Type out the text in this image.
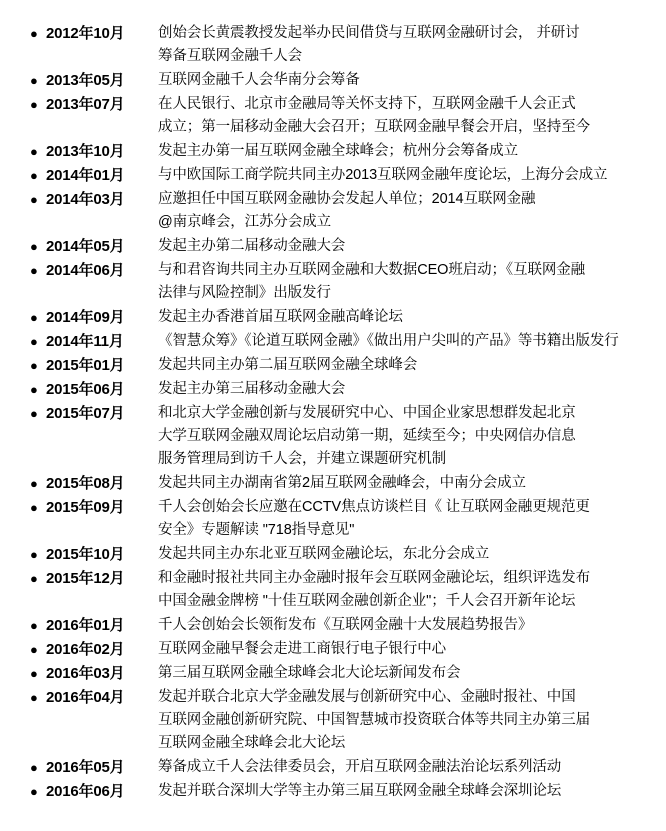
● 2012年10月	创始会长黄震教授发起举办民间借贷与互联网金融研讨会， 并研讨
筹备互联网金融千人会
● 2013年05月	互联网金融千人会华南分会筹备
● 2013年07月	在人民银行、北京市金融局等关怀支持下，互联网金融千人会正式
成立；第一届移动金融大会召开；互联网金融早餐会开启，坚持至今
● 2013年10月	发起主办第一届互联网金融全球峰会；杭州分会筹备成立
● 2014年01月	与中欧国际工商学院共同主办2013互联网金融年度论坛，上海分会成立
● 2014年03月	应邀担任中国互联网金融协会发起人单位；2014互联网金融
@南京峰会，江苏分会成立
● 2014年05月	发起主办第二届移动金融大会
● 2014年06月	与和君咨询共同主办互联网金融和大数据CEO班启动；《互联网金融
法律与风险控制》出版发行
● 2014年09月	发起主办香港首届互联网金融高峰论坛
● 2014年11月	《智慧众筹》《论道互联网金融》《做出用户尖叫的产品》等书籍出版发行
● 2015年01月	发起共同主办第二届互联网金融全球峰会
● 2015年06月	发起主办第三届移动金融大会
● 2015年07月	和北京大学金融创新与发展研究中心、中国企业家思想群发起北京
大学互联网金融双周论坛启动第一期，延续至今；中央网信办信息
服务管理局到访千人会，并建立课题研究机制
● 2015年08月	发起共同主办湖南省第2届互联网金融峰会，中南分会成立
● 2015年09月	千人会创始会长应邀在CCTV焦点访谈栏目《 让互联网金融更规范更
安全》专题解读 "718指导意见"
● 2015年10月	发起共同主办东北亚互联网金融论坛，东北分会成立
● 2015年12月	和金融时报社共同主办金融时报年会互联网金融论坛，组织评选发布
中国金融金牌榜 "十佳互联网金融创新企业"；千人会召开新年论坛
● 2016年01月	千人会创始会长领衔发布《互联网金融十大发展趋势报告》
● 2016年02月	互联网金融早餐会走进工商银行电子银行中心
● 2016年03月	第三届互联网金融全球峰会北大论坛新闻发布会
● 2016年04月	发起并联合北京大学金融发展与创新研究中心、金融时报社、中国
互联网金融创新研究院、中国智慧城市投资联合体等共同主办第三届
互联网金融全球峰会北大论坛
● 2016年05月	筹备成立千人会法律委员会，开启互联网金融法治论坛系列活动
● 2016年06月	发起并联合深圳大学等主办第三届互联网金融全球峰会深圳论坛
